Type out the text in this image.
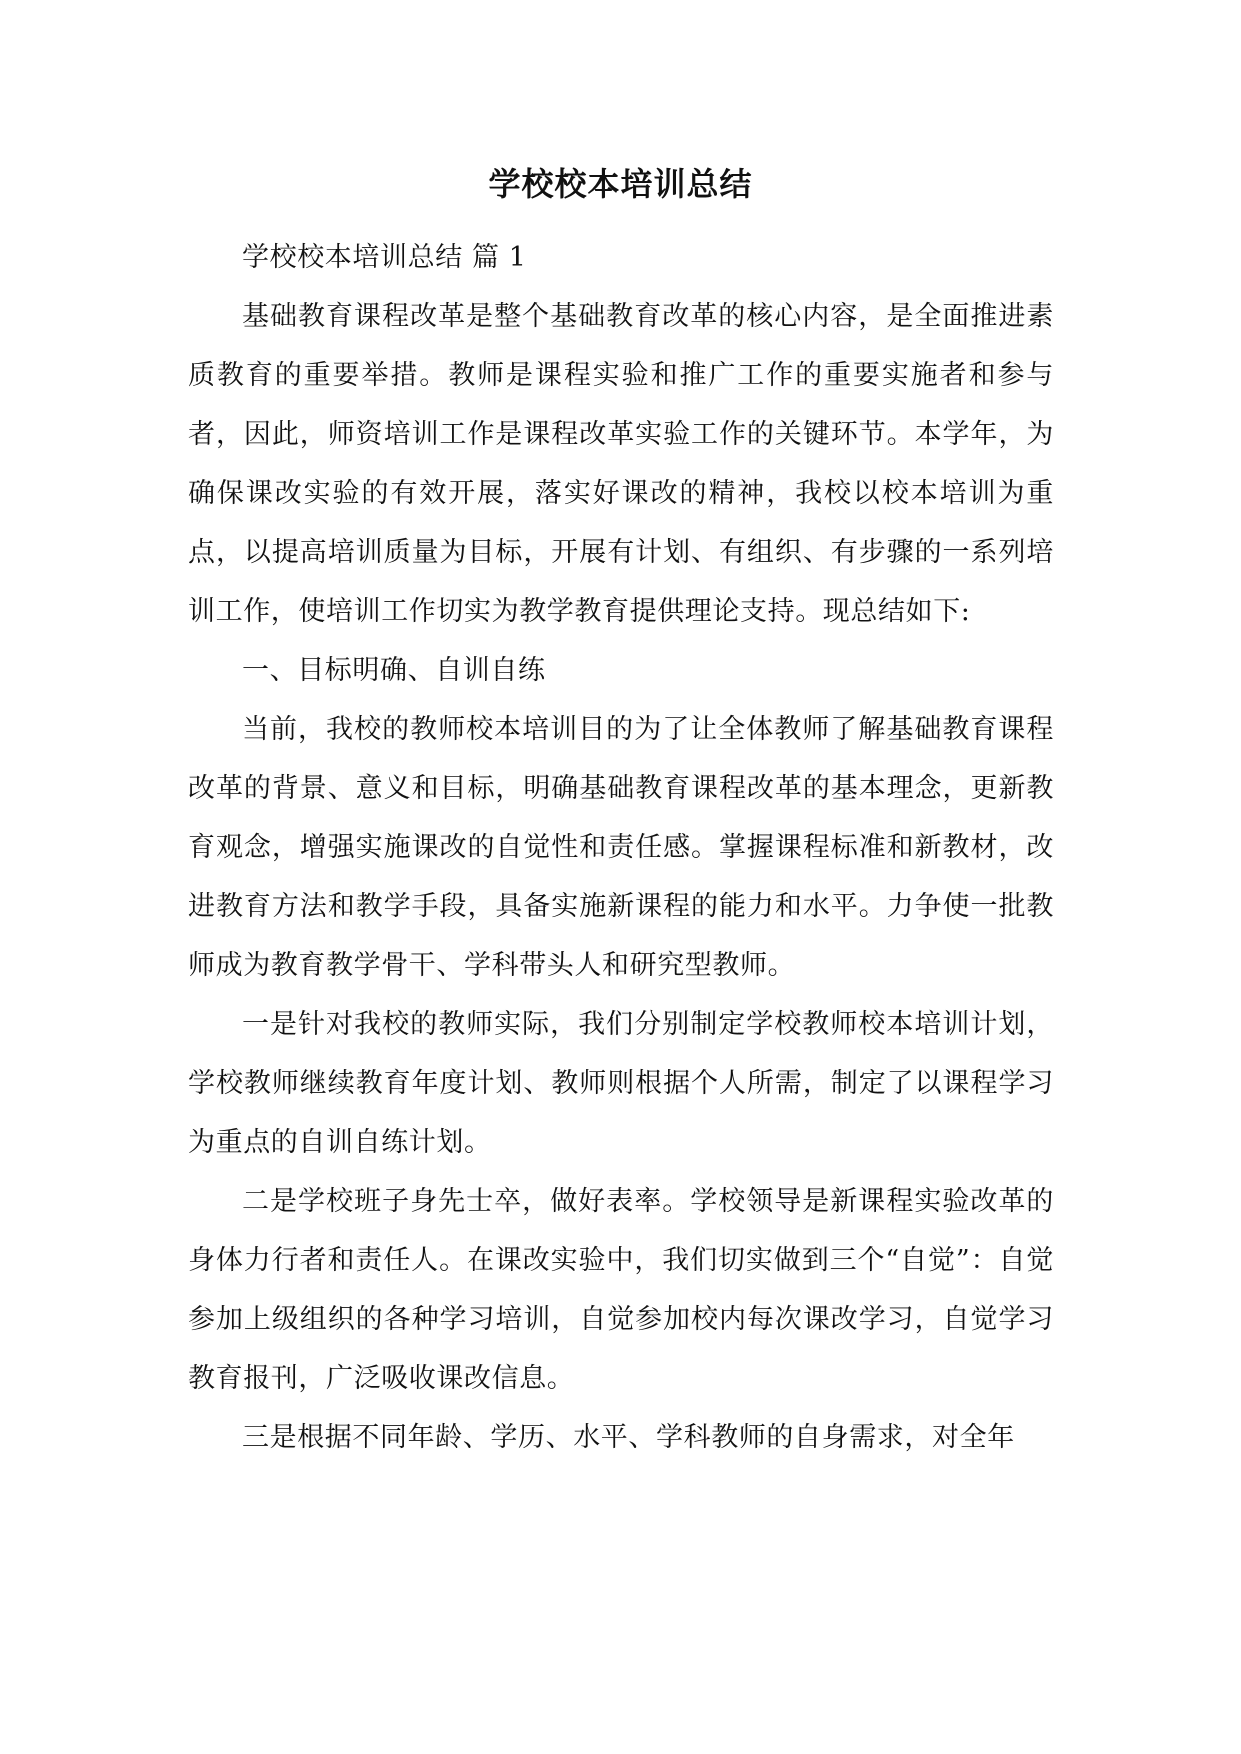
学校校本培训总结

学校校本培训总结 篇 1

基础教育课程改革是整个基础教育改革的核心内容，是全面推进素质教育的重要举措。教师是课程实验和推广工作的重要实施者和参与者，因此，师资培训工作是课程改革实验工作的关键环节。本学年，为确保课改实验的有效开展，落实好课改的精神，我校以校本培训为重点，以提高培训质量为目标，开展有计划、有组织、有步骤的一系列培训工作，使培训工作切实为教学教育提供理论支持。现总结如下:

一、目标明确、自训自练

当前，我校的教师校本培训目的为了让全体教师了解基础教育课程改革的背景、意义和目标，明确基础教育课程改革的基本理念，更新教育观念，增强实施课改的自觉性和责任感。掌握课程标准和新教材，改进教育方法和教学手段，具备实施新课程的能力和水平。力争使一批教师成为教育教学骨干、学科带头人和研究型教师。

一是针对我校的教师实际，我们分别制定学校教师校本培训计划，学校教师继续教育年度计划、教师则根据个人所需，制定了以课程学习为重点的自训自练计划。

二是学校班子身先士卒，做好表率。学校领导是新课程实验改革的身体力行者和责任人。在课改实验中，我们切实做到三个“自觉”：自觉参加上级组织的各种学习培训，自觉参加校内每次课改学习，自觉学习教育报刊，广泛吸收课改信息。

三是根据不同年龄、学历、水平、学科教师的自身需求，对全年
